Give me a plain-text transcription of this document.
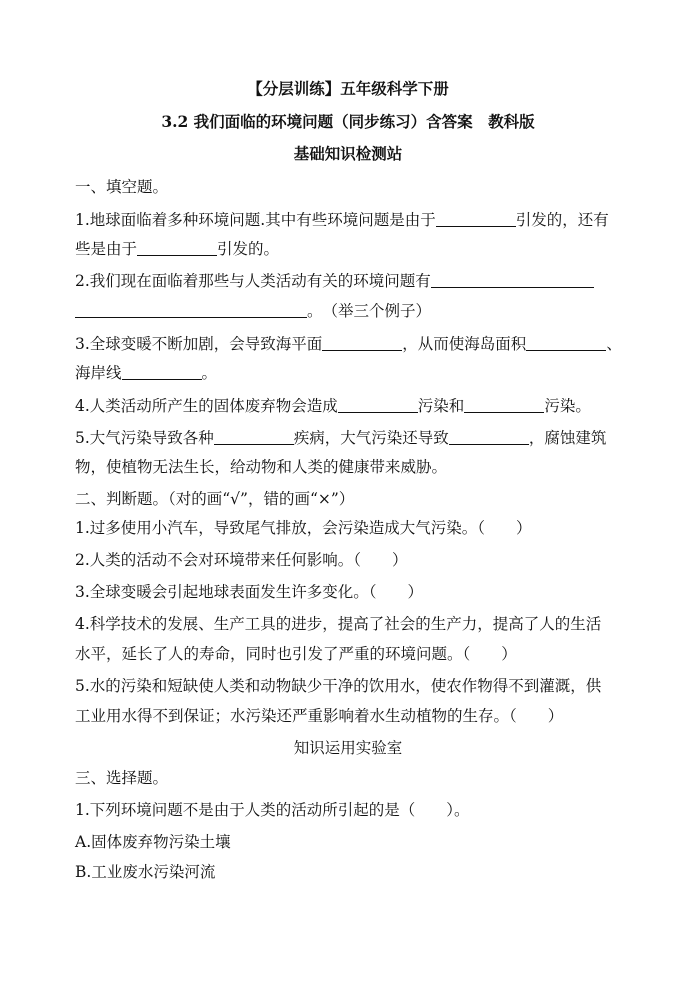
【分层训练】五年级科学下册
3.2 我们面临的环境问题（同步练习）含答案　教科版
基础知识检测站
一、填空题。
1.地球面临着多种环境问题.其中有些环境问题是由于	引发的，还有
些是由于	引发的。
2.我们现在面临着那些与人类活动有关的环境问题有
。　（举三个例子）
3.全球变暖不断加剧，会导致海平面	，从而使海岛面积	、
海岸线	。
4.人类活动所产生的固体废弃物会造成	污染和	污染。
5.大气污染导致各种	疾病，大气污染还导致	，腐蚀建筑
物，使植物无法生长，给动物和人类的健康带来威胁。
二、判断题。（对的画“√”，错的画“×”）
1.过多使用小汽车，导致尾气排放，会污染造成大气污染。（　　）
2.人类的活动不会对环境带来任何影响。（　　）
3.全球变暖会引起地球表面发生许多变化。（　　）
4.科学技术的发展、生产工具的进步，提高了社会的生产力，提高了人的生活
水平，延长了人的寿命，同时也引发了严重的环境问题。（　　）
5.水的污染和短缺使人类和动物缺少干净的饮用水，使农作物得不到灌溉，供
工业用水得不到保证；水污染还严重影响着水生动植物的生存。（　　）
知识运用实验室
三、选择题。
1.下列环境问题不是由于人类的活动所引起的是（　　）。
A.固体废弃物污染土壤
B.工业废水污染河流
